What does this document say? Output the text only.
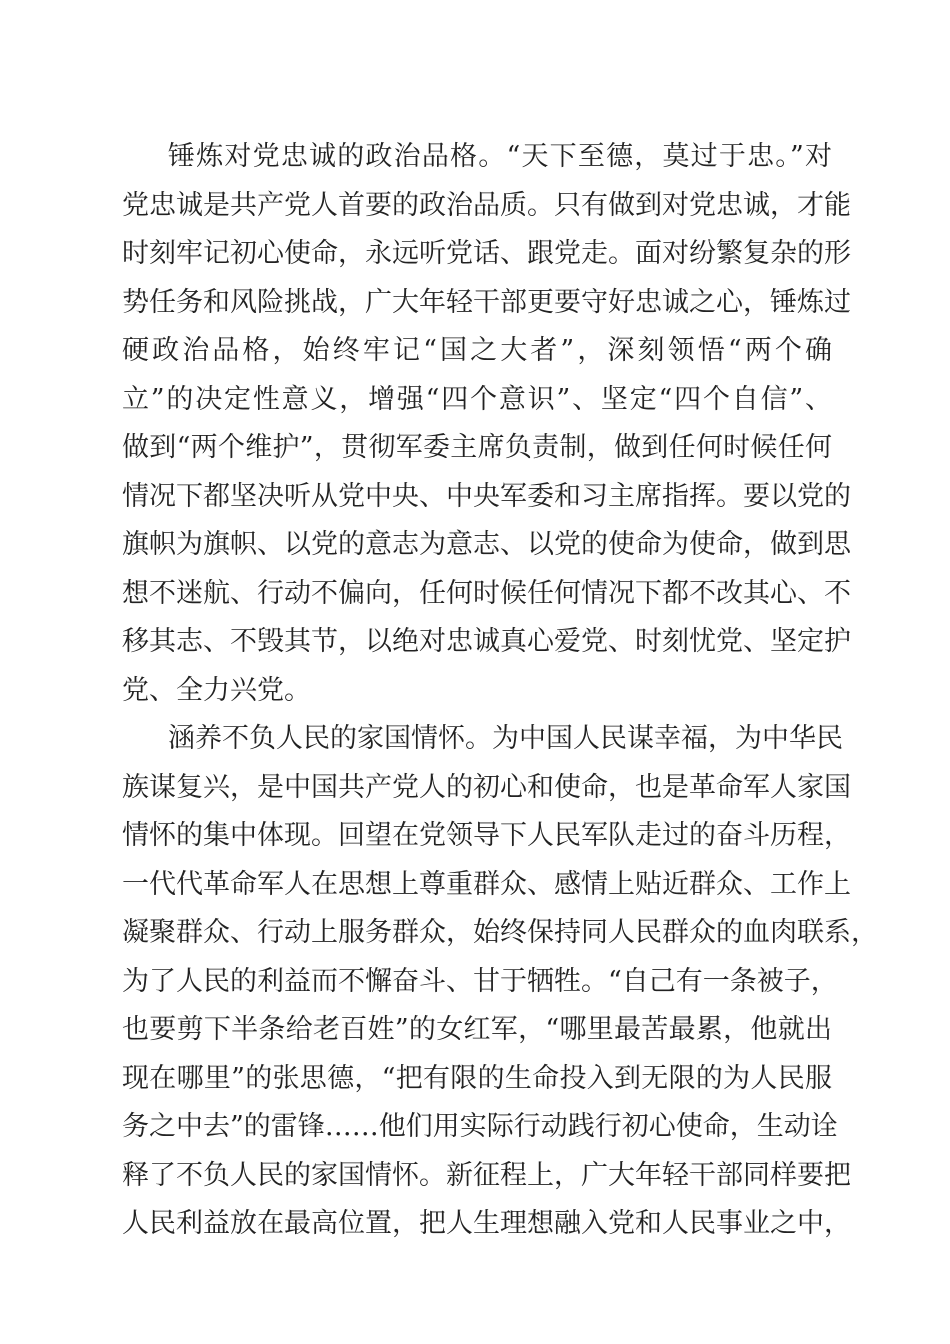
锤炼对党忠诚的政治品格。“天下至德，莫过于忠。”对
党忠诚是共产党人首要的政治品质。只有做到对党忠诚，才能
时刻牢记初心使命，永远听党话、跟党走。面对纷繁复杂的形
势任务和风险挑战，广大年轻干部更要守好忠诚之心，锤炼过
硬政治品格，始终牢记“国之大者”，深刻领悟“两个确
立”的决定性意义，增强“四个意识”、坚定“四个自信”、
做到“两个维护”，贯彻军委主席负责制，做到任何时候任何
情况下都坚决听从党中央、中央军委和习主席指挥。要以党的
旗帜为旗帜、以党的意志为意志、以党的使命为使命，做到思
想不迷航、行动不偏向，任何时候任何情况下都不改其心、不
移其志、不毁其节，以绝对忠诚真心爱党、时刻忧党、坚定护
党、全力兴党。
涵养不负人民的家国情怀。为中国人民谋幸福，为中华民
族谋复兴，是中国共产党人的初心和使命，也是革命军人家国
情怀的集中体现。回望在党领导下人民军队走过的奋斗历程，
一代代革命军人在思想上尊重群众、感情上贴近群众、工作上
凝聚群众、行动上服务群众，始终保持同人民群众的血肉联系，
为了人民的利益而不懈奋斗、甘于牺牲。“自己有一条被子，
也要剪下半条给老百姓”的女红军，“哪里最苦最累，他就出
现在哪里”的张思德，“把有限的生命投入到无限的为人民服
务之中去”的雷锋……他们用实际行动践行初心使命，生动诠
释了不负人民的家国情怀。新征程上，广大年轻干部同样要把
人民利益放在最高位置，把人生理想融入党和人民事业之中，
